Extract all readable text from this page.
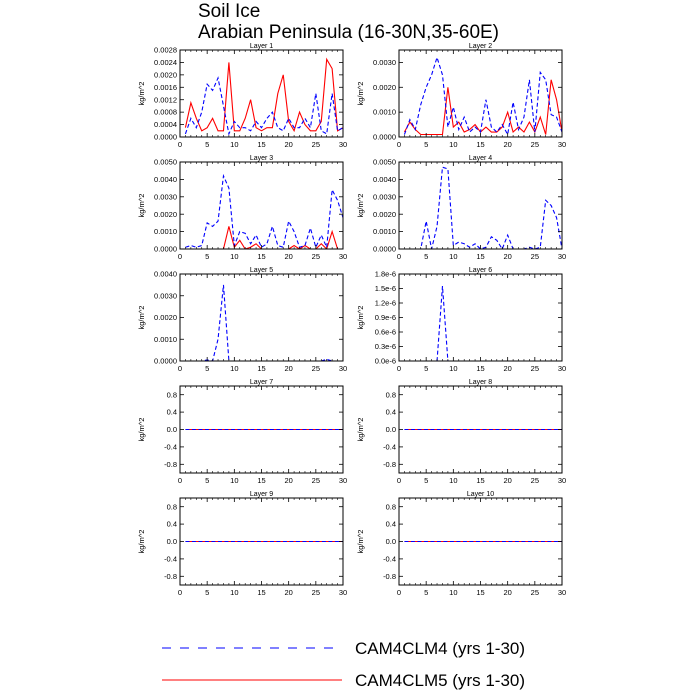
Soil Ice
Arabian Peninsula (16-30N,35-60E)
Layer 1
kg/m^2
0	5	10	15	20	25	30
0.0000
0.0004
0.0008
0.0012
0.0016
0.0020
0.0024
0.0028	Layer 2
kg/m^2
0	5	10	15	20	25	30
0.0000
0.0010
0.0020
0.0030
Layer 3
kg/m^2
0	5	10	15	20	25	30
0.0000
0.0010
0.0020
0.0030
0.0040
0.0050	Layer 4
kg/m^2
0	5	10	15	20	25	30
0.0000
0.0010
0.0020
0.0030
0.0040
0.0050
Layer 5
kg/m^2
0	5	10	15	20	25	30
0.0000
0.0010
0.0020
0.0030
0.0040	Layer 6
kg/m^2
0	5	10	15	20	25	30
0.0e-6
0.3e-6
0.6e-6
0.9e-6
1.2e-6
1.5e-6
1.8e-6
Layer 7
kg/m^2
0	5	10	15	20	25	30
-0.8
-0.4
0.0
0.4
0.8
Layer 8
kg/m^2
0	5	10	15	20	25	30
-0.8
-0.4
0.0
0.4
0.8
Layer 9
kg/m^2
0	5	10	15	20	25	30
-0.8
-0.4
0.0
0.4
0.8
Layer 10
kg/m^2
0	5	10	15	20	25	30
-0.8
-0.4
0.0
0.4
0.8
CAM4CLM4 (yrs 1-30)
CAM4CLM5 (yrs 1-30)
